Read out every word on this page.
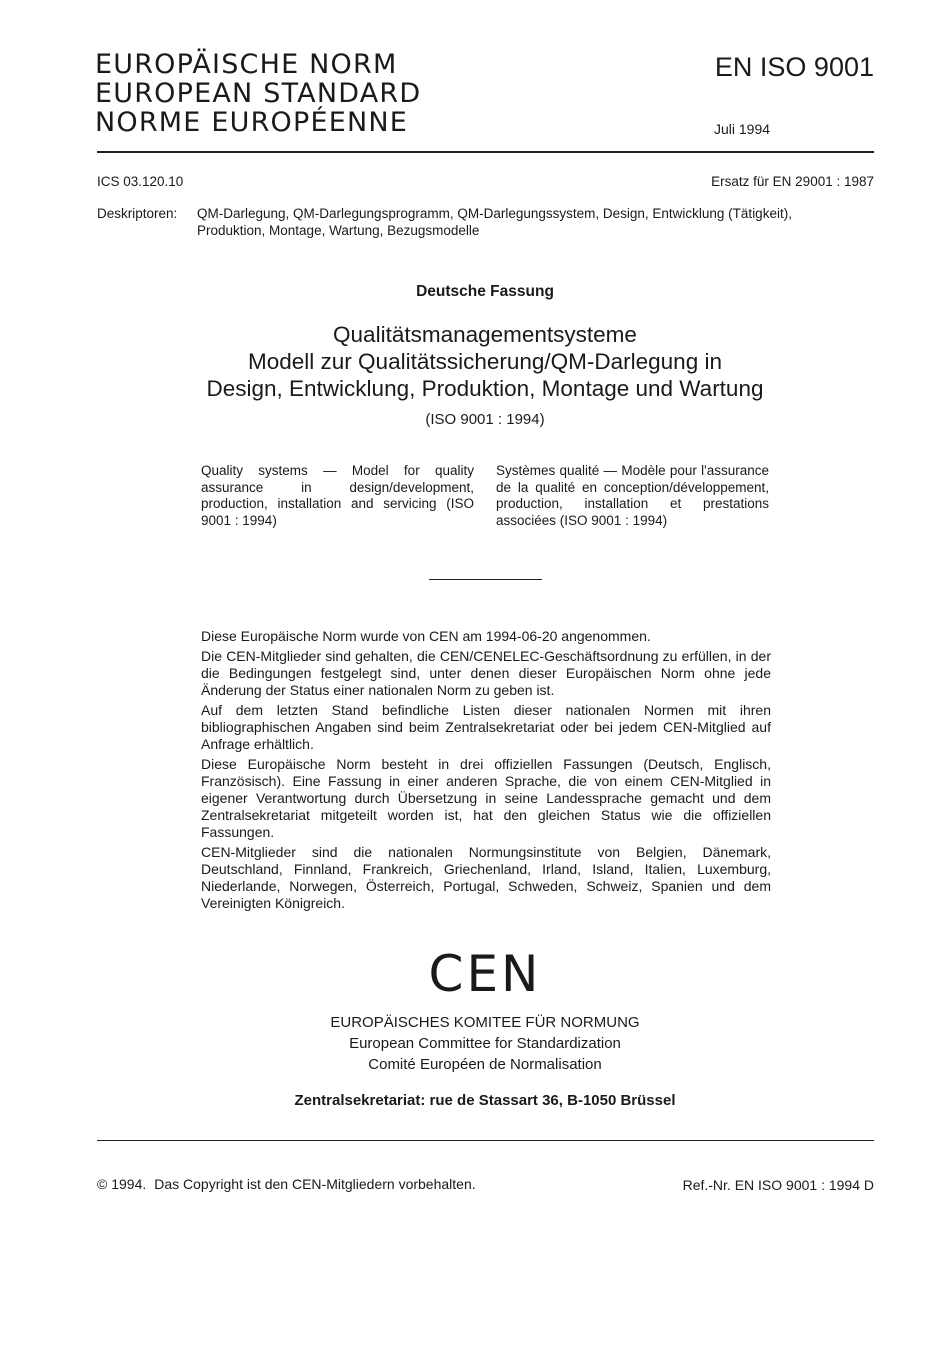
EUROPÄISCHE NORM
EUROPEAN STANDARD
NORME EUROPÉENNE
EN ISO 9001
Juli 1994
ICS 03.120.10	Ersatz für EN 29001 : 1987
Deskriptoren: QM-Darlegung, QM-Darlegungsprogramm, QM-Darlegungssystem, Design, Entwicklung (Tätigkeit),
Produktion, Montage, Wartung, Bezugsmodelle
Deutsche Fassung
Qualitätsmanagementsysteme
Modell zur Qualitätssicherung/QM-Darlegung in
Design, Entwicklung, Produktion, Montage und Wartung
(ISO 9001 : 1994)
Quality systems — Model for quality assurance in design/development, production, installation and servicing (ISO 9001 : 1994)
Systèmes qualité — Modèle pour l'assurance de la qualité en conception/développement, production, installation et prestations associées (ISO 9001 : 1994)

Diese Europäische Norm wurde von CEN am 1994-06-20 angenommen.

Die CEN-Mitglieder sind gehalten, die CEN/CENELEC-Geschäftsordnung zu erfüllen, in der die Bedingungen festgelegt sind, unter denen dieser Europäischen Norm ohne jede Änderung der Status einer nationalen Norm zu geben ist.

Auf dem letzten Stand befindliche Listen dieser nationalen Normen mit ihren bibliographischen Angaben sind beim Zentralsekretariat oder bei jedem CEN-Mitglied auf Anfrage erhältlich.

Diese Europäische Norm besteht in drei offiziellen Fassungen (Deutsch, Englisch, Französisch). Eine Fassung in einer anderen Sprache, die von einem CEN-Mitglied in eigener Verantwortung durch Übersetzung in seine Landessprache gemacht und dem Zentralsekretariat mitgeteilt worden ist, hat den gleichen Status wie die offiziellen Fassungen.

CEN-Mitglieder sind die nationalen Normungsinstitute von Belgien, Dänemark, Deutschland, Finnland, Frankreich, Griechenland, Irland, Island, Italien, Luxemburg, Niederlande, Norwegen, Österreich, Portugal, Schweden, Schweiz, Spanien und dem Vereinigten Königreich.

CEN
EUROPÄISCHES KOMITEE FÜR NORMUNG
European Committee for Standardization
Comité Européen de Normalisation
Zentralsekretariat: rue de Stassart 36, B-1050 Brüssel
© 1994. Das Copyright ist den CEN-Mitgliedern vorbehalten.	Ref.-Nr. EN ISO 9001 : 1994 D
